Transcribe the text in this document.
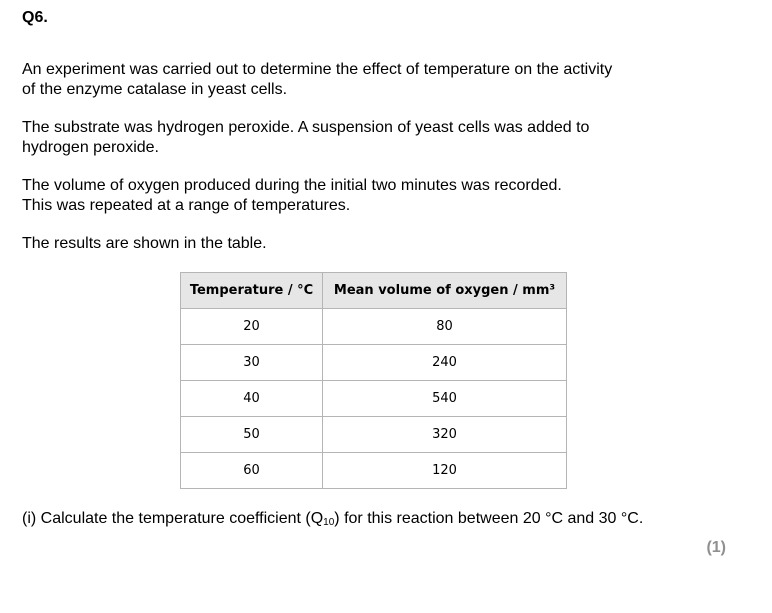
Q6.

An experiment was carried out to determine the effect of temperature on the activity
of the enzyme catalase in yeast cells.

The substrate was hydrogen peroxide. A suspension of yeast cells was added to
hydrogen peroxide.

The volume of oxygen produced during the initial two minutes was recorded.
This was repeated at a range of temperatures.

The results are shown in the table.

Temperature / °C	Mean volume of oxygen / mm³
20	80
30	240
40	540
50	320
60	120
(i) Calculate the temperature coefficient $(Q_{10})$ for this reaction between 20 °C and 30 °C.
(1)
